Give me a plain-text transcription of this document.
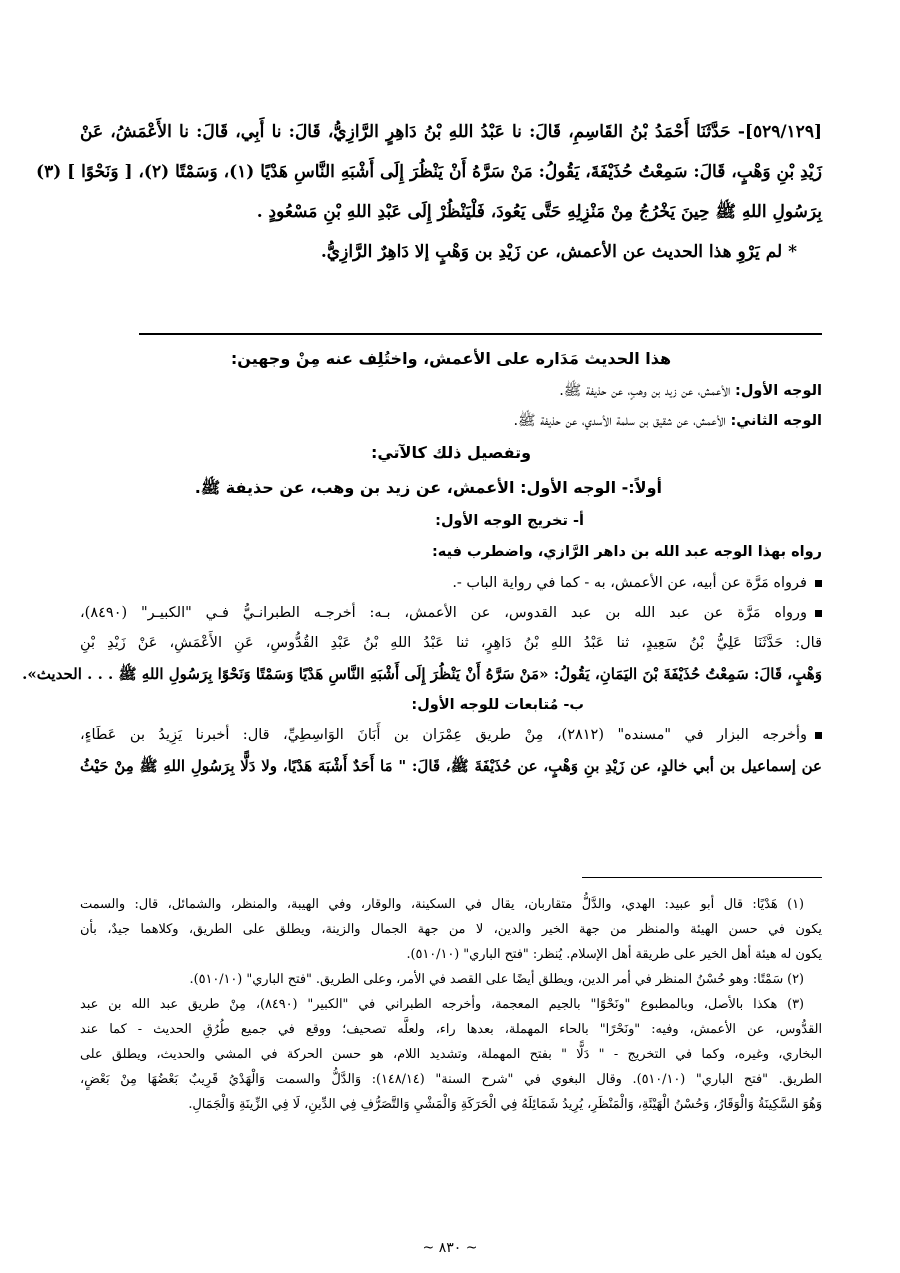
[٥٢٩/١٢٩]- حَدَّثَنَا أَحْمَدُ بْنُ القَاسِمِ، قَالَ: نا عَبْدُ اللهِ بْنُ دَاهِرٍ الرَّازِيُّ، قَالَ: نا أَبِي، قَالَ: نا الأَعْمَشُ، عَنْ
زَيْدِ بْنِ وَهْبٍ، قَالَ: سَمِعْتُ حُذَيْفَةَ، يَقُولُ: مَنْ سَرَّهُ أَنْ يَنْظُرَ إِلَى أَشْبَهِ النَّاسِ هَدْيًا (١)، وَسَمْتًا (٢)، [ وَنَحْوًا ] (٣)
بِرَسُولِ اللهِ ﷺ حِينَ يَخْرُجُ مِنْ مَنْزِلِهِ حَتَّى يَعُودَ، فَلْيَنْظُرْ إِلَى عَبْدِ اللهِ بْنِ مَسْعُودٍ .
* لم يَرْوِ هذا الحديث عن الأعمش، عن زَيْدِ بن وَهْبٍ إلا دَاهِرٌ الرَّازِيُّ.
هذا الحديث مَدَاره على الأعمش، واختُلِف عنه مِنْ وجهين:
الوجه الأول: الأعمش، عن زيد بن وهبٍ، عن حذيفة ﷺ.
الوجه الثاني: الأعمش، عن شقيق بن سلمة الأسدي، عن حذيفة ﷺ.
وتفصيل ذلك كالآتي:
أولاً:- الوجه الأول: الأعمش، عن زيد بن وهب، عن حذيفة ﷺ.
أ- تخريج الوجه الأول:
رواه بهذا الوجه عبد الله بن داهر الرَّازي، واضطرب فيه:
فرواه مَرَّة عن أبيه، عن الأعمش، به - كما في رواية الباب -.
ورواه مَرَّة عن عبد الله بن عبد القدوس، عن الأعمش، بـه: أخرجـه الطبرانـيُّ فـي "الكبيـر" (٨٤٩٠)،
قال: حَدَّثَنَا عَلِيُّ بْنُ سَعِيدٍ، ثنا عَبْدُ اللهِ بْنُ دَاهِرٍ، ثنا عَبْدُ اللهِ بْنُ عَبْدِ القُدُّوسِ، عَنِ الأَعْمَشِ، عَنْ زَيْدِ بْنِ
وَهْبٍ، قَالَ: سَمِعْتُ حُذَيْفَةَ بْنَ اليَمَانِ، يَقُولُ: «مَنْ سَرَّهُ أَنْ يَنْظُرَ إِلَى أَشْبَهِ النَّاسِ هَدْيًا وَسَمْتًا وَنَحْوًا بِرَسُولِ اللهِ ﷺ . . . الحديث».
ب- مُتابعات للوجه الأول:
وأخرجه البزار في "مسنده" (٢٨١٢)، مِنْ طريق عِمْرَان بن أَبَانَ الوَاسِطِيِّ، قال: أخبرنا يَزِيدُ بن عَطَاءٍ،
عن إسماعيل بن أبي خالدٍ، عن زَيْدِ بنِ وَهْبٍ، عن حُذَيْفَةَ ﷺ، قَالَ: " مَا أَحَدٌ أَشْبَهَ هَدْيًا، ولا دَلًّا بِرَسُولِ اللهِ ﷺ مِنْ حَيْثُ
(١) هَدْيًا: قال أبو عبيد: الهدي، والدَّلُّ متقاربان، يقال في السكينة، والوقار، وفي الهيبة، والمنظر، والشمائل، قال: والسمت
يكون في حسن الهيئة والمنظر من جهة الخير والدين، لا من جهة الجمال والزينة، ويطلق على الطريق، وكلاهما جيدٌ، بأن
يكون له هيئة أهل الخير على طريقة أهل الإسلام. يُنظر: "فتح الباري" (٥١٠/١٠).
(٢) سَمْتًا: وهو حُسْنُ المنظر في أمر الدين، ويطلق أيضًا على القصد في الأمر، وعلى الطريق. "فتح الباري" (٥١٠/١٠).
(٣) هكذا بالأصل، وبالمطبوع "ونَحْوًا" بالجيم المعجمة، وأخرجه الطبراني في "الكبير" (٨٤٩٠)، مِنْ طريق عبد الله بن عبد
القدُّوس، عن الأعمش، وفيه: "ونَحْرًا" بالحاء المهملة، بعدها راء، ولعلَّه تصحيف؛ ووقع في جميع طُرُقِ الحديث - كما عند
البخاري، وغيره، وكما في التخريج - " دَلًّا " بفتح المهملة، وتشديد اللام، هو حسن الحركة في المشي والحديث، ويطلق على
الطريق. "فتح الباري" (٥١٠/١٠). وقال البغوي في "شرح السنة" (١٤٨/١٤): وَالدَّلُّ والسمت وَالْهَدْيُ قَرِيبٌ بَعْضُهَا مِنْ بَعْضٍ،
وَهُوَ السَّكِينَةُ وَالْوَقَارُ، وَحُسْنُ الْهَيْئَةِ، وَالْمَنْظَرِ، يُرِيدُ شَمَائِلَهُ فِي الْحَرَكَةِ وَالْمَشْيِ وَالتَّصَرُّفِ فِي الدِّينِ، لَا فِي الزِّينَةِ وَالْجَمَالِ.
~ ٨٣٠ ~
